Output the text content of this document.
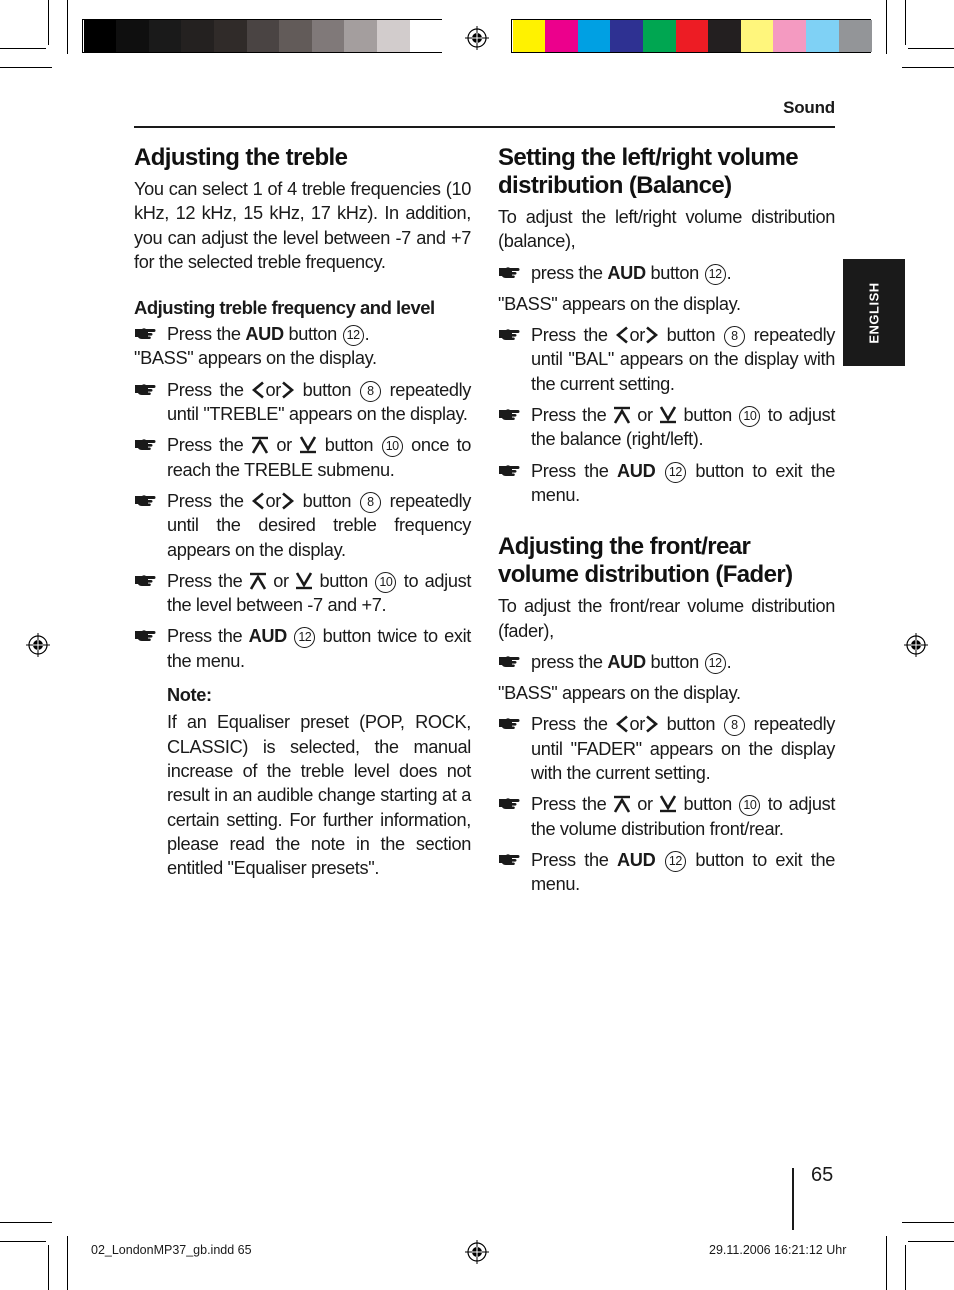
Sound
ENGLISH
Adjusting the treble

You can select 1 of 4 treble frequencies (10 kHz, 12 kHz, 15 kHz, 17 kHz). In addition, you can adjust the level between -7 and +7 for the selected treble frequency.

Adjusting treble frequency and level

Press the AUD button 12 .

"BASS" appears on the display.

Press the or button 8 repeatedly until "TREBLE" appears on the display.

Press the or button 10 once to reach the TREBLE submenu.

Press the or button 8 repeatedly until the desired treble frequency appears on the display.

Press the or button 10 to adjust the level between -7 and +7.

Press the AUD 12 button twice to exit the menu.

Note:

If an Equaliser preset (POP, ROCK, CLASSIC) is selected, the manual increase of the treble level does not result in an audible change starting at a certain setting. For further information, please read the note in the section entitled "Equaliser presets".

Setting the left/right volume distribution (Balance)

To adjust the left/right volume distribution (balance),

press the AUD button 12 .

"BASS" appears on the display.

Press the or button 8 repeatedly until "BAL" appears on the display with the current setting.

Press the or button 10 to adjust the balance (right/left).

Press the AUD 12 button to exit the menu.

Adjusting the front/rear volume distribution (Fader)

To adjust the front/rear volume distribution (fader),

press the AUD button 12 .

"BASS" appears on the display.

Press the or button 8 repeatedly until "FADER" appears on the display with the current setting.

Press the or button 10 to adjust the volume distribution front/rear.

Press the AUD 12 button to exit the menu.

65
02_LondonMP37_gb.indd 65	29.11.2006 16:21:12 Uhr
